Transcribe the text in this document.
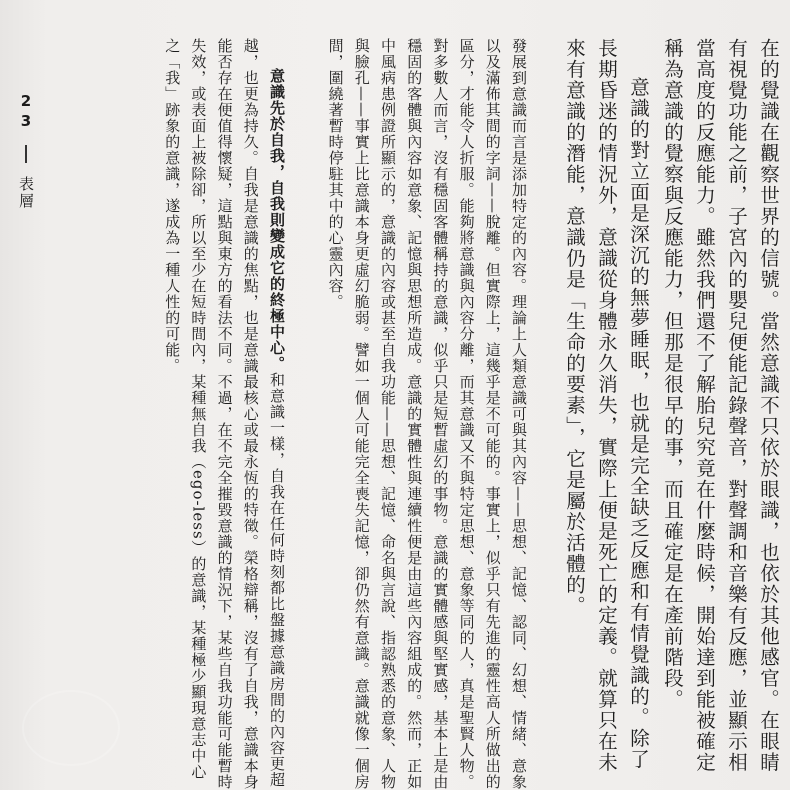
23  表層	在的覺識在觀察世界的信號。當然意識不只依於眼識，也依於其他感官。在眼睛有視覺功能之前，子宮內的嬰兒便能記錄聲音，對聲調和音樂有反應，並顯示相當高度的反應能力。雖然我們還不了解胎兒究竟在什麼時候，開始達到能被確定稱為意識的覺察與反應能力，但那是很早的事，而且確定是在產前階段。

意識的對立面是深沉的無夢睡眠，也就是完全缺乏反應和有情覺識的。除了長期昏迷的情況外，意識從身體永久消失，實際上便是死亡的定義。就算只在未來有意識的潛能，意識仍是「生命的要素」，它是屬於活體的。

發展到意識而言是添加特定的內容。理論上人類意識可與其內容——思想、記憶、認同、幻想、情緒、意象以及滿佈其間的字詞——脫離。但實際上，這幾乎是不可能的。事實上，似乎只有先進的靈性高人所做出的區分，才能令人折服。能夠將意識與內容分離，而其意識又不與特定思想、意象等同的人，真是聖賢人物。對多數人而言，沒有穩固客體稱持的意識，似乎只是短暫虛幻的事物。意識的實體感與堅實感，基本上是由穩固的客體與內容如意象、記憶與思想所造成。意識的實體性與連續性便是由這些內容組成的。然而，正如中風病患例證所顯示的，意識的內容或甚至自我功能——思想、記憶、命名與言說、指認熟悉的意象、人物與臉孔——事實上比意識本身更虛幻脆弱。譬如一個人可能完全喪失記憶，卻仍然有意識。意識就像一個房間，圍繞著暫時停駐其中的心靈內容。

意識先於自我，自我則變成它的終極中心。和意識一樣，自我在任何時刻都比盤據意識房間的內容更超越，也更為持久。自我是意識的焦點，也是意識最核心或最永恆的特徵。榮格辯稱，沒有了自我，意識本身能否存在便值得懷疑，這點與東方的看法不同。不過，在不完全摧毀意識的情況下，某些自我功能可能暫時失效，或表面上被除卻，所以至少在短時間內，某種無自我（ego-less）的意識，某種極少顯現意志中心之「我」跡象的意識，遂成為一種人性的可能。
